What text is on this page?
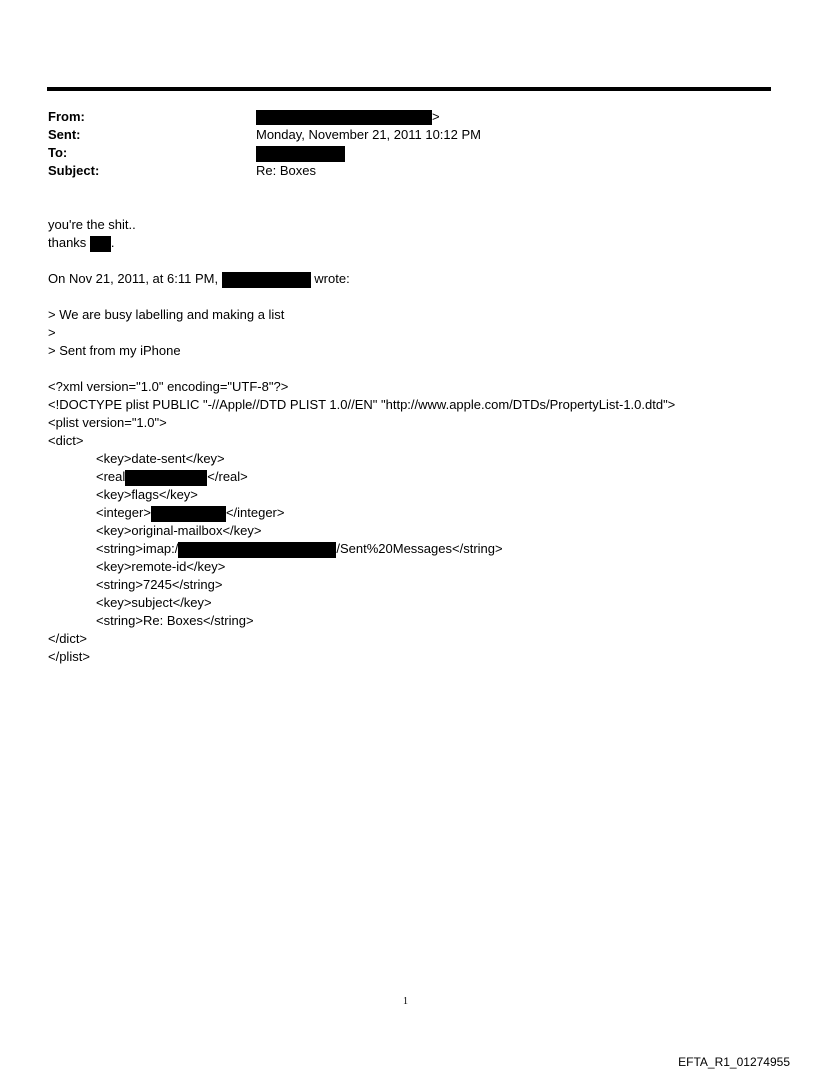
From:	>
Sent:	Monday, November 21, 2011 10:12 PM
To:
Subject:	Re: Boxes
you're the shit..
thanks .
On Nov 21, 2011, at 6:11 PM,	wrote:
> We are busy labelling and making a list
>
> Sent from my iPhone
<?xml version="1.0" encoding="UTF-8"?>
<!DOCTYPE plist PUBLIC "-//Apple//DTD PLIST 1.0//EN" "http://www.apple.com/DTDs/PropertyList-1.0.dtd">
<plist version="1.0">
<dict>
<key>date-sent</key>
<real	</real>
<key>flags</key>
<integer>	</integer>
<key>original-mailbox</key>
<string>imap:/	/Sent%20Messages</string>
<key>remote-id</key>
<string>7245</string>
<key>subject</key>
<string>Re: Boxes</string>
</dict>
</plist>
1
EFTA_R1_01274955
